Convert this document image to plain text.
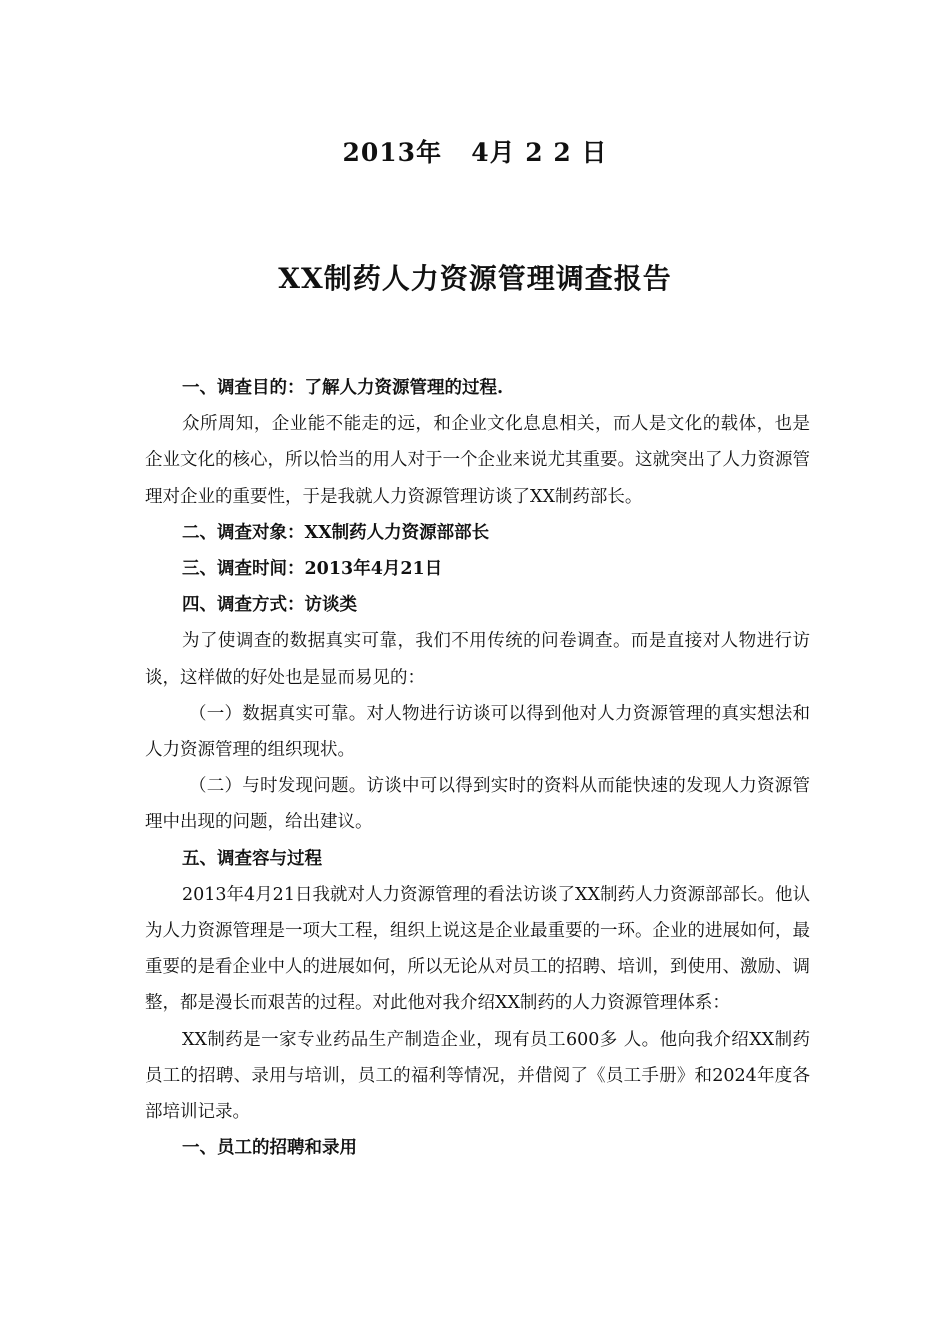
2013年   4月 2 2 日
XX制药人力资源管理调查报告

一、调查目的：了解人力资源管理的过程.

众所周知，企业能不能走的远，和企业文化息息相关，而人是文化的载体，也是企业文化的核心，所以恰当的用人对于一个企业来说尤其重要。这就突出了人力资源管理对企业的重要性，于是我就人力资源管理访谈了XX制药部长。

二、调查对象：XX制药人力资源部部长

三、调查时间：2013年4月21日

四、调查方式：访谈类

为了使调查的数据真实可靠，我们不用传统的问卷调查。而是直接对人物进行访谈，这样做的好处也是显而易见的：

（一）数据真实可靠。对人物进行访谈可以得到他对人力资源管理的真实想法和人力资源管理的组织现状。

（二）与时发现问题。访谈中可以得到实时的资料从而能快速的发现人力资源管理中出现的问题，给出建议。

五、调查容与过程

2013年4月21日我就对人力资源管理的看法访谈了XX制药人力资源部部长。他认为人力资源管理是一项大工程，组织上说这是企业最重要的一环。企业的进展如何，最重要的是看企业中人的进展如何，所以无论从对员工的招聘、培训，到使用、激励、调整，都是漫长而艰苦的过程。对此他对我介绍XX制药的人力资源管理体系：

XX制药是一家专业药品生产制造企业，现有员工600多 人。他向我介绍XX制药员工的招聘、录用与培训，员工的福利等情况，并借阅了《员工手册》和2024年度各部培训记录。

一、员工的招聘和录用
